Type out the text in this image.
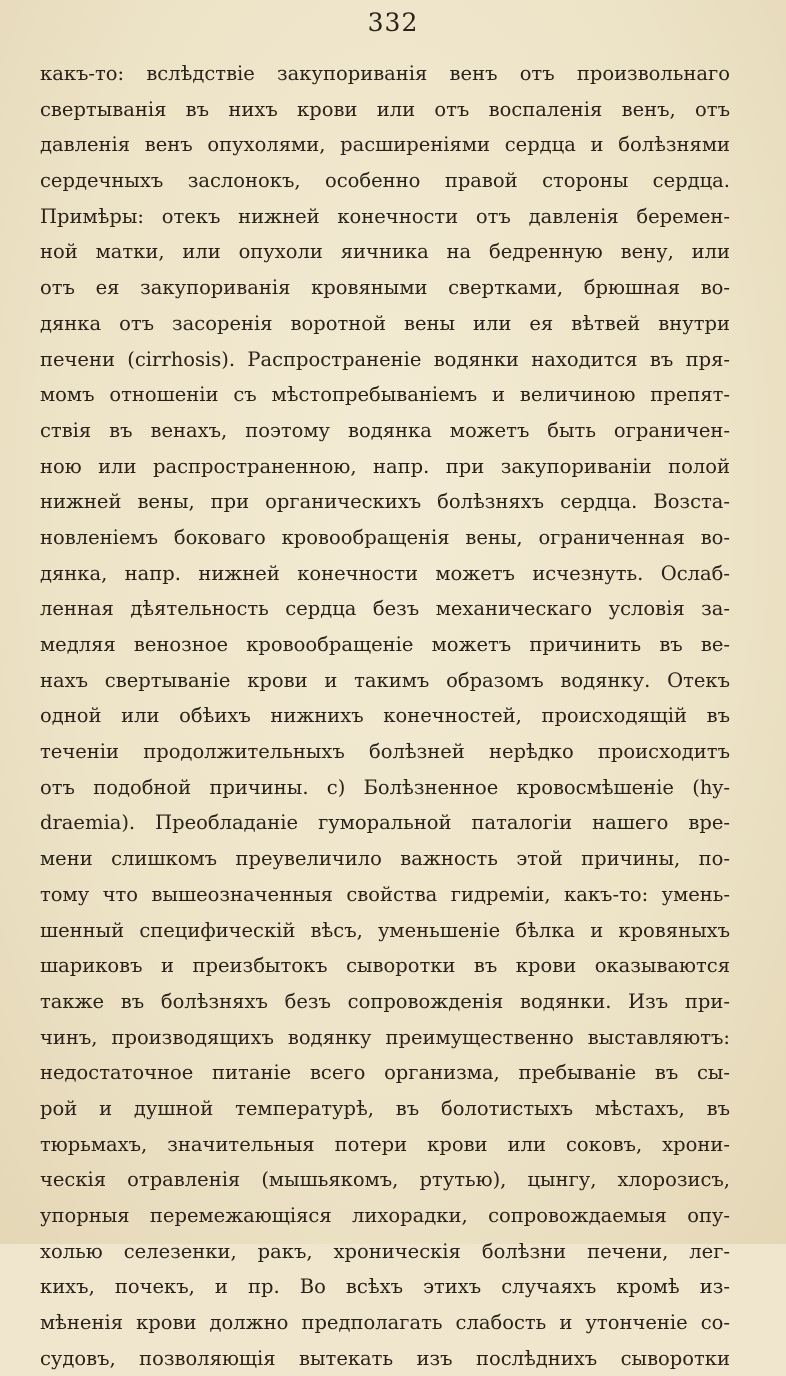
332
какъ-то: вслѣдствіе закупориванія венъ отъ произвольнаго
свертыванія въ нихъ крови или отъ воспаленія венъ, отъ
давленія венъ опухолями, расширеніями сердца и болѣзнями
сердечныхъ заслонокъ, особенно правой стороны сердца.
Примѣры: отекъ нижней конечности отъ давленія беремен-
ной матки, или опухоли яичника на бедренную вену, или
отъ ея закупориванія кровяными свертками, брюшная во-
дянка отъ засоренія воротной вены или ея вѣтвей внутри
печени (cirrhosis). Распространеніе водянки находится въ пря-
момъ отношеніи съ мѣстопребываніемъ и величиною препят-
ствія въ венахъ, поэтому водянка можетъ быть ограничен-
ною или распространенною, напр. при закупориваніи полой
нижней вены, при органическихъ болѣзняхъ сердца. Возста-
новленіемъ боковаго кровообращенія вены, ограниченная во-
дянка, напр. нижней конечности можетъ исчезнуть. Ослаб-
ленная дѣятельность сердца безъ механическаго условія за-
медляя венозное кровообращеніе можетъ причинить въ ве-
нахъ свертываніе крови и такимъ образомъ водянку. Отекъ
одной или обѣихъ нижнихъ конечностей, происходящій въ
теченіи продолжительныхъ болѣзней нерѣдко происходитъ
отъ подобной причины. c) Болѣзненное кровосмѣшеніе (hy-
draemia). Преобладаніе гуморальной паталогіи нашего вре-
мени слишкомъ преувеличило важность этой причины, по-
тому что вышеозначенныя свойства гидреміи, какъ-то: умень-
шенный специфическій вѣсъ, уменьшеніе бѣлка и кровяныхъ
шариковъ и преизбытокъ сыворотки въ крови оказываются
также въ болѣзняхъ безъ сопровожденія водянки. Изъ при-
чинъ, производящихъ водянку преимущественно выставляютъ:
недостаточное питаніе всего организма, пребываніе въ сы-
рой и душной температурѣ, въ болотистыхъ мѣстахъ, въ
тюрьмахъ, значительныя потери крови или соковъ, хрони-
ческія отравленія (мышьякомъ, ртутью), цынгу, хлорозисъ,
упорныя перемежающіяся лихорадки, сопровождаемыя опу-
холью селезенки, ракъ, хроническія болѣзни печени, лег-
кихъ, почекъ, и пр. Во всѣхъ этихъ случаяхъ кромѣ из-
мѣненія крови должно предполагать слабость и утонченіе со-
судовъ, позволяющія вытекать изъ послѣднихъ сыворотки
